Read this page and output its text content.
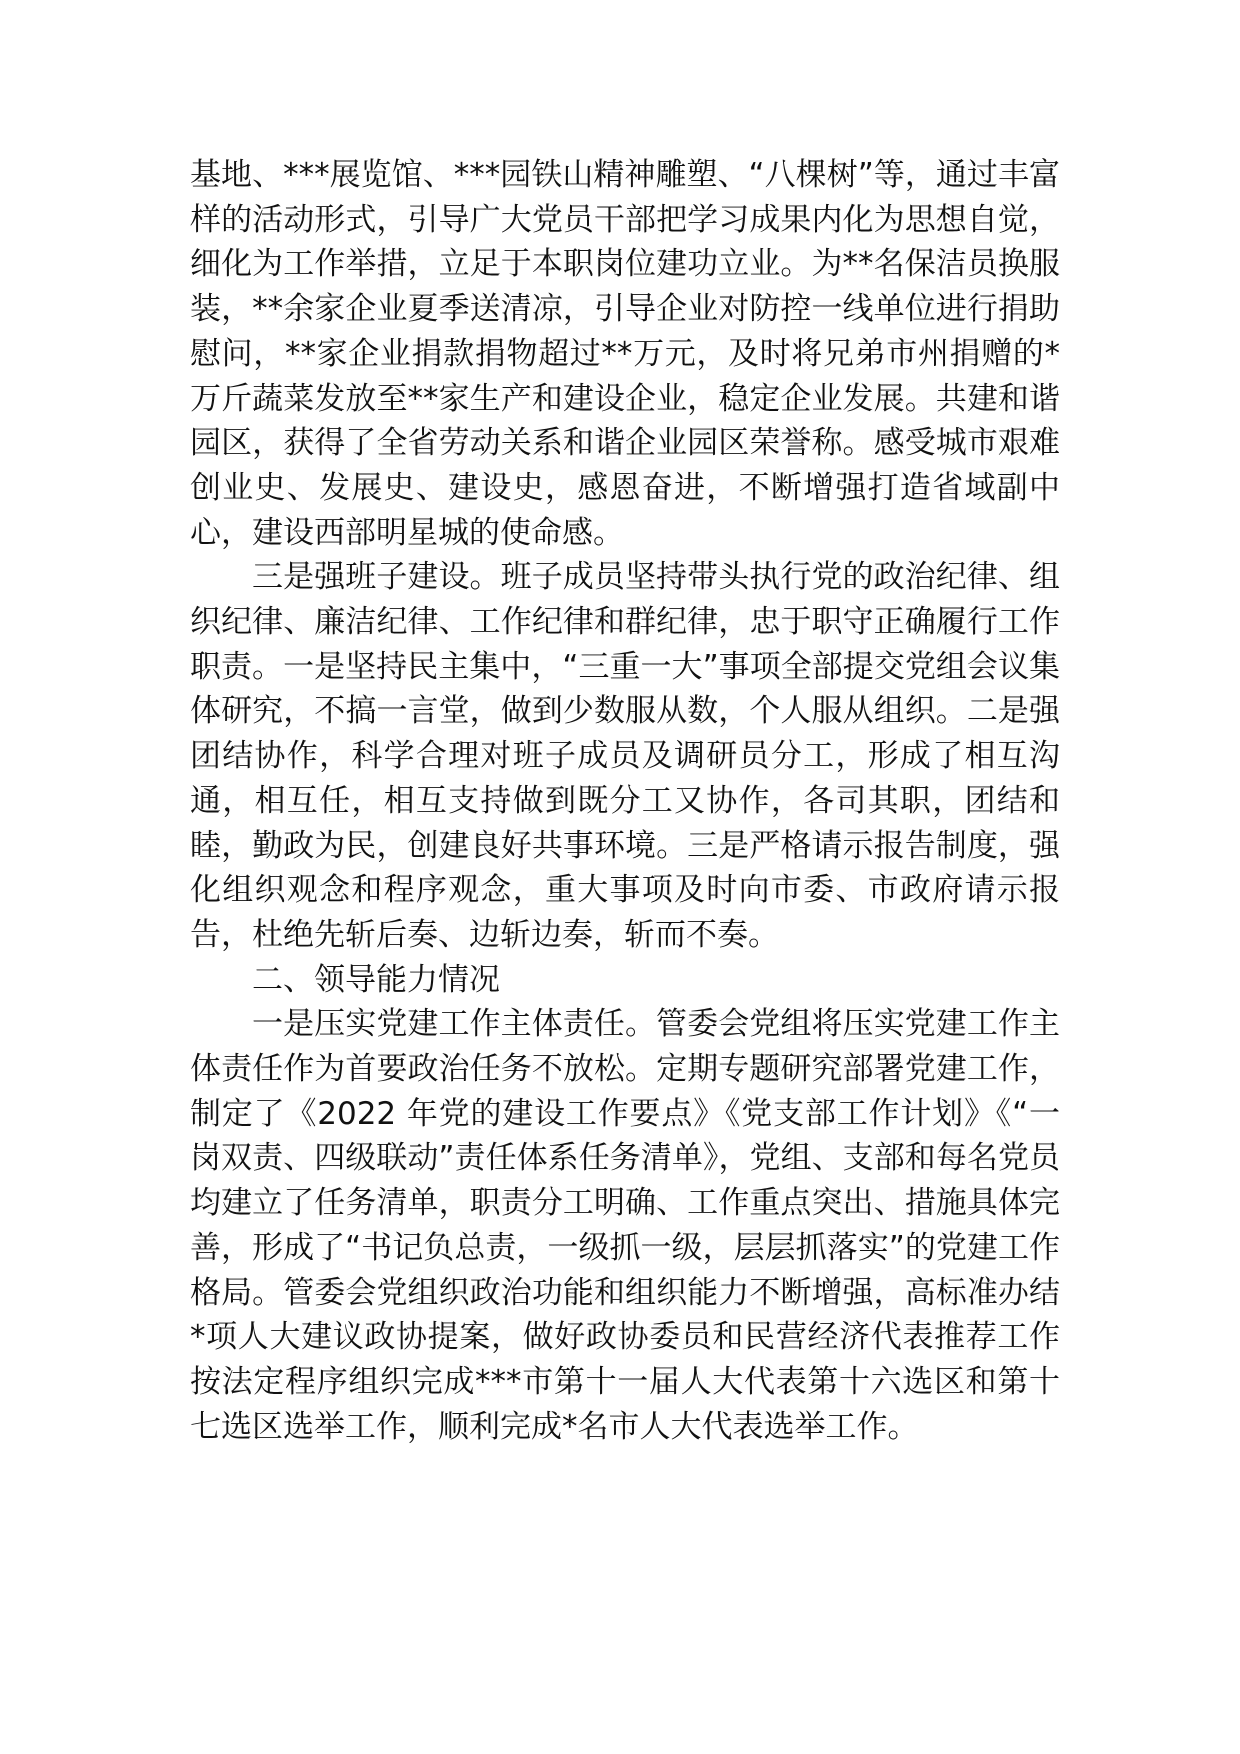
基地、***展览馆、***园铁山精神雕塑、“八棵树”等，通过丰富样的活动形式，引导广大党员干部把学习成果内化为思想自觉，细化为工作举措，立足于本职岗位建功立业。为**名保洁员换服装，**余家企业夏季送清凉，引导企业对防控一线单位进行捐助慰问，**家企业捐款捐物超过**万元，及时将兄弟市州捐赠的*万斤蔬菜发放至**家生产和建设企业，稳定企业发展。共建和谐园区，获得了全省劳动关系和谐企业园区荣誉称。感受城市艰难创业史、发展史、建设史，感恩奋进，不断增强打造省域副中心，建设西部明星城的使命感。

三是强班子建设。班子成员坚持带头执行党的政治纪律、组织纪律、廉洁纪律、工作纪律和群纪律，忠于职守正确履行工作职责。一是坚持民主集中，“三重一大”事项全部提交党组会议集体研究，不搞一言堂，做到少数服从数，个人服从组织。二是强团结协作，科学合理对班子成员及调研员分工，形成了相互沟通，相互任，相互支持做到既分工又协作，各司其职，团结和睦，勤政为民，创建良好共事环境。三是严格请示报告制度，强化组织观念和程序观念，重大事项及时向市委、市政府请示报告，杜绝先斩后奏、边斩边奏，斩而不奏。

二、领导能力情况

一是压实党建工作主体责任。管委会党组将压实党建工作主体责任作为首要政治任务不放松。定期专题研究部署党建工作，制定了《2022 年党的建设工作要点》《党支部工作计划》《“一岗双责、四级联动”责任体系任务清单》，党组、支部和每名党员均建立了任务清单，职责分工明确、工作重点突出、措施具体完善，形成了“书记负总责，一级抓一级，层层抓落实”的党建工作格局。管委会党组织政治功能和组织能力不断增强，高标准办结*项人大建议政协提案，做好政协委员和民营经济代表推荐工作按法定程序组织完成***市第十一届人大代表第十六选区和第十七选区选举工作，顺利完成*名市人大代表选举工作。
